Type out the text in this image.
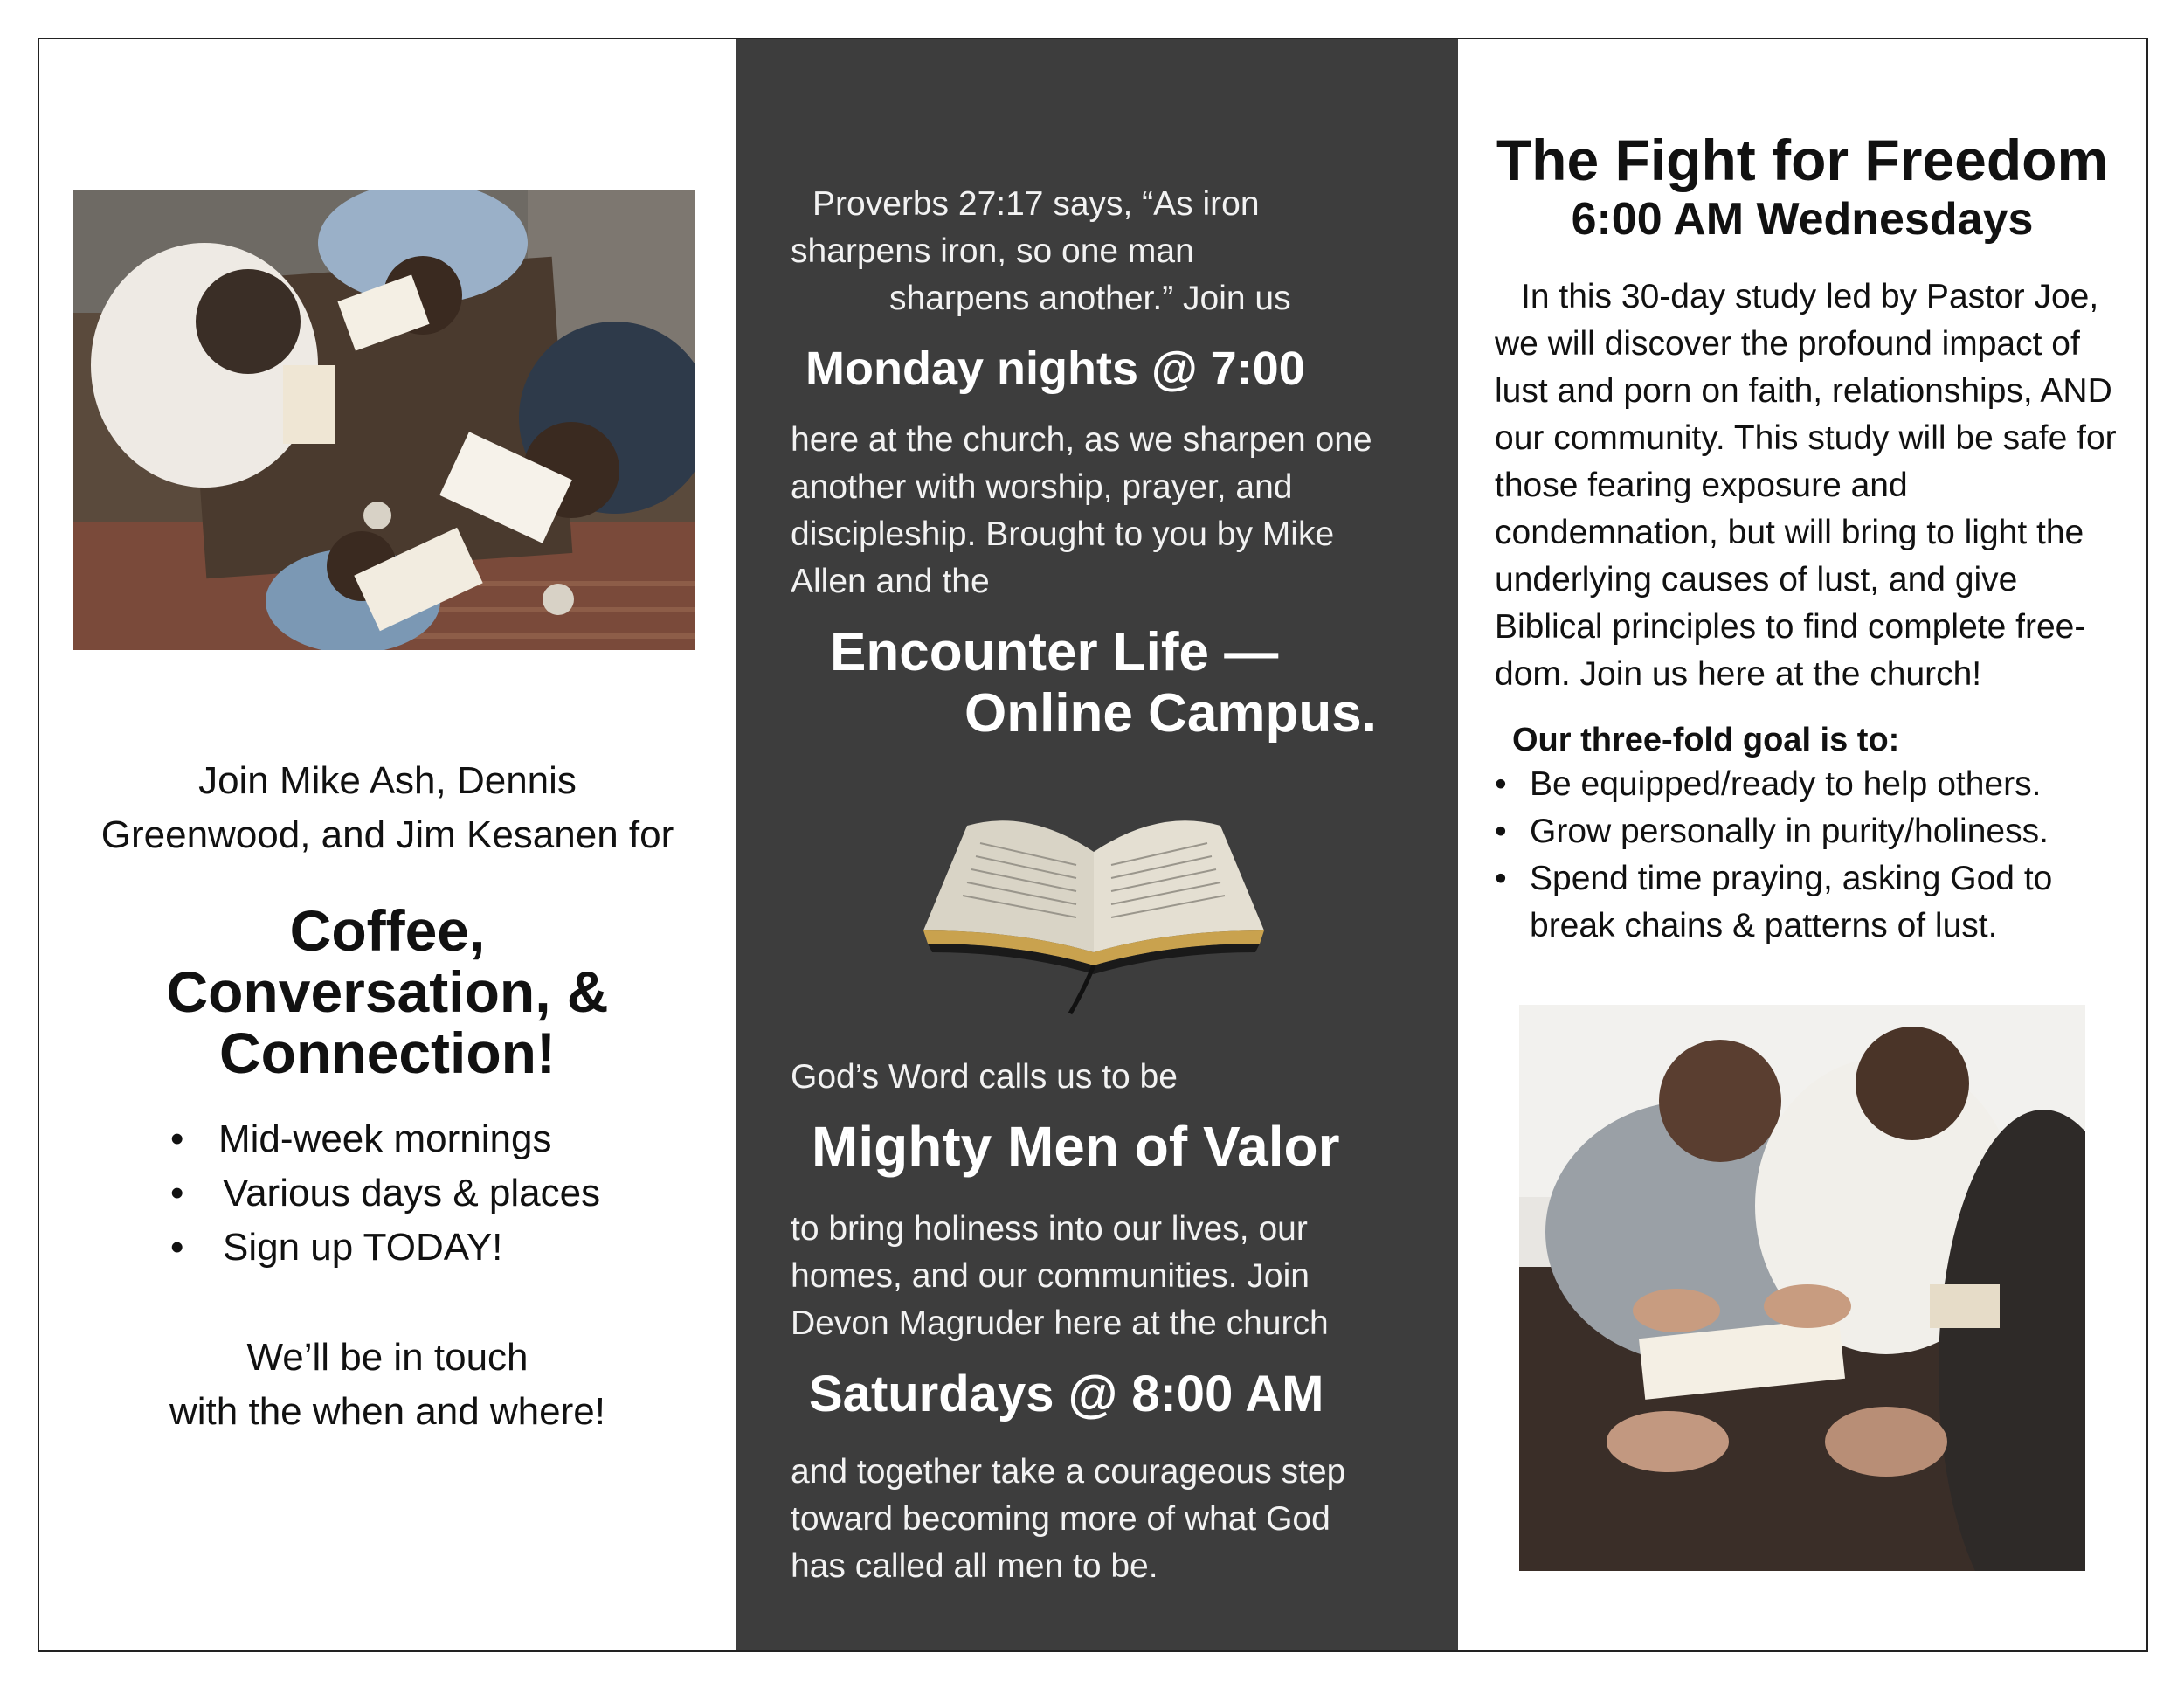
Join Mike Ash, Dennis Greenwood, and Jim Kesanen for
Coffee, Conversation, & Connection!
• Mid-week mornings
• Various days & places
• Sign up TODAY!
We’ll be in touch
with the when and where!
Proverbs 27:17 says, “As iron
sharpens iron, so one man
sharpens another.” Join us
Monday nights @ 7:00
here at the church, as we sharpen one
another with worship, prayer, and
discipleship. Brought to you by Mike
Allen and the
Encounter Life —
Online Campus.
God’s Word calls us to be
Mighty Men of Valor
to bring holiness into our lives, our
homes, and our communities. Join
Devon Magruder here at the church
Saturdays @ 8:00 AM
and together take a courageous step
toward becoming more of what God
has called all men to be.
The Fight for Freedom
6:00 AM Wednesdays
In this 30-day study led by Pastor Joe, we will discover the profound impact of lust and porn on faith, relationships, AND our community. This study will be safe for those fearing exposure and condemnation, but will bring to light the underlying causes of lust, and give Biblical principles to find complete free-dom. Join us here at the church!
Our three-fold goal is to:
• Be equipped/ready to help others.
• Grow personally in purity/holiness.
• Spend time praying, asking God to break chains & patterns of lust.
